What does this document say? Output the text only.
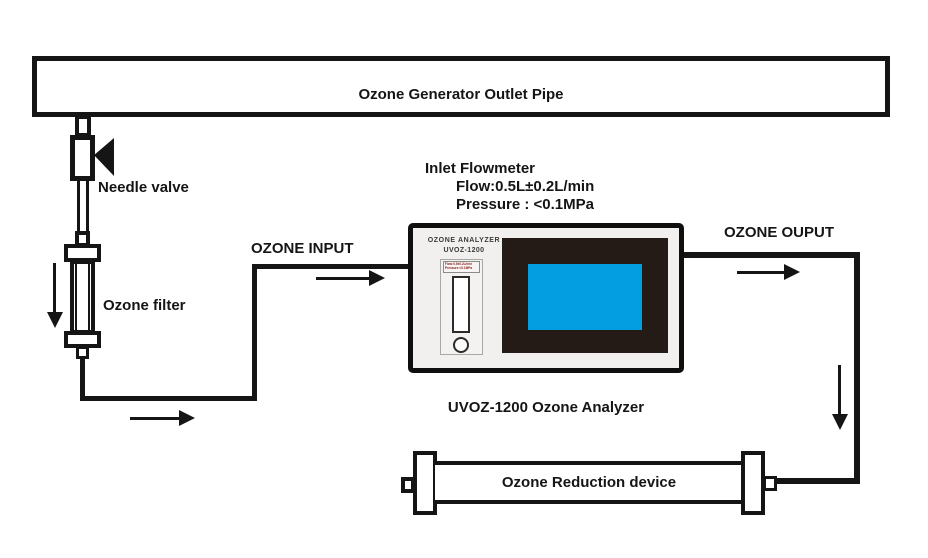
Ozone Generator Outlet Pipe
Needle valve
Ozone filter
OZONE INPUT
Inlet Flowmeter
Flow:0.5L±0.2L/min
Pressure : <0.1MPa
OZONE ANALYZER
UVOZ-1200
Flow:0.5±0.2L/min
Pressure:<0.1MPa
UVOZ-1200 Ozone Analyzer
OZONE OUPUT
Ozone Reduction device
